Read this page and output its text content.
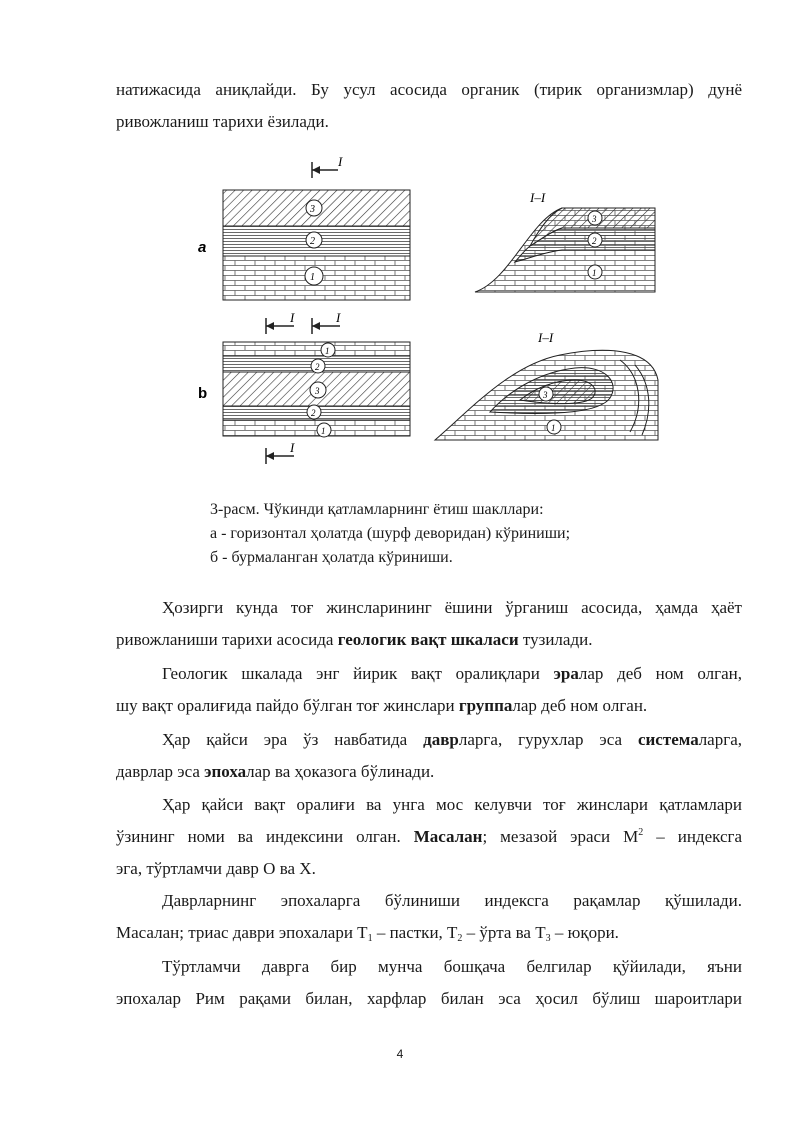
натижасида аниқлайди. Бу усул асосида органик (тирик организмлар) дунё
ривожланиш тарихи ёзилади.
a
b
I
3
2
1
I–I
3
2
1
I	I
1
2
3
2
1
I
I–I
3
1
3-расм. Чўкинди қатламларнинг ётиш шакллари:
а - горизонтал ҳолатда (шурф деворидан) кўриниши;
б - бурмаланган ҳолатда кўриниши.
Ҳозирги кунда тоғ жинсларининг ёшини ўрганиш асосида, ҳамда ҳаёт
ривожланиши тарихи асосида геологик вақт шкаласи тузилади.
Геологик шкалада энг йирик вақт оралиқлари эралар деб ном олган,
шу вақт оралиғида пайдо бўлган тоғ жинслари группалар деб ном олган.
Ҳар қайси эра ўз навбатида даврларга, гурухлар эса системаларга,
даврлар эса эпохалар ва ҳоказога бўлинади.
Ҳар қайси вақт оралиғи ва унга мос келувчи тоғ жинслари қатламлари
ўзининг номи ва индексини олган. Масалан; мезазой эраси $М^2$ – индексга
эга, тўртламчи давр О ва Х.
Даврларнинг эпохаларга бўлиниши индексга рақамлар қўшилади.
Масалан; триас даври эпохалари $Т_1$ – пастки, $Т_2$ – ўрта ва $Т_3$ – юқори.
Тўртламчи даврга бир мунча бошқача белгилар қўйилади, яъни
эпохалар Рим рақами билан, харфлар билан эса ҳосил бўлиш шароитлари
4
